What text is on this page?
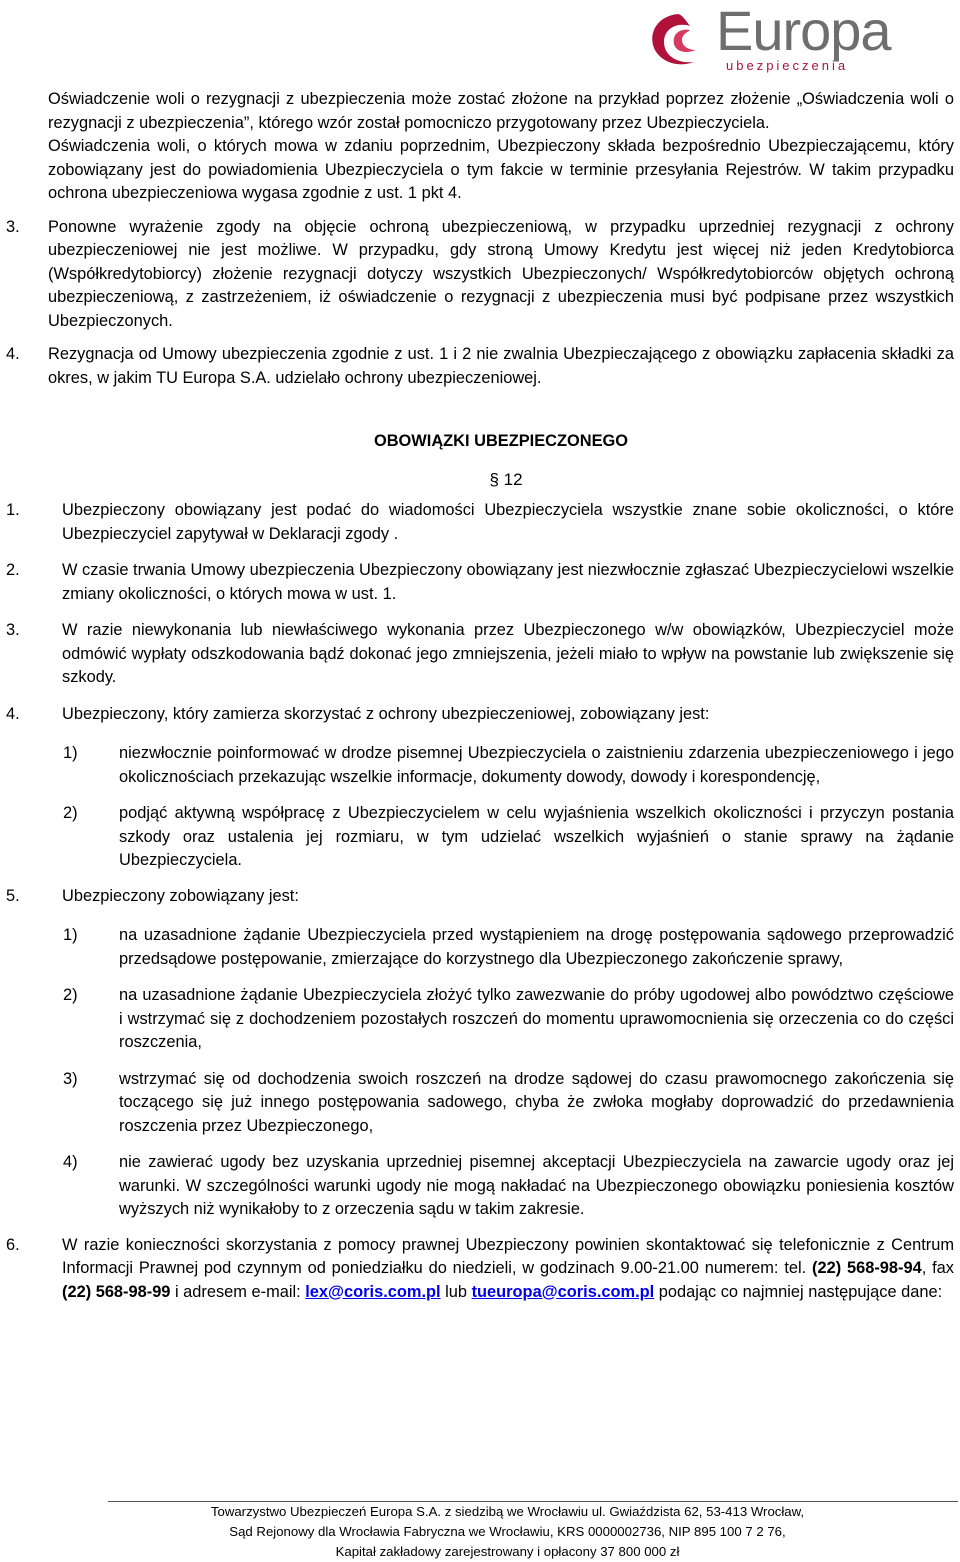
Europa
ubezpieczenia

Oświadczenie woli o rezygnacji z ubezpieczenia może zostać złożone na przykład poprzez złożenie „Oświadczenia woli o rezygnacji z ubezpieczenia”, którego wzór został pomocniczo przygotowany przez Ubezpieczyciela.

Oświadczenia woli, o których mowa w zdaniu poprzednim, Ubezpieczony składa bezpośrednio Ubezpieczającemu, który zobowiązany jest do powiadomienia Ubezpieczyciela o tym fakcie w terminie przesyłania Rejestrów. W takim przypadku ochrona ubezpieczeniowa wygasa zgodnie z ust. 1 pkt 4.

3. Ponowne wyrażenie zgody na objęcie ochroną ubezpieczeniową, w przypadku uprzedniej rezygnacji z ochrony ubezpieczeniowej nie jest możliwe. W przypadku, gdy stroną Umowy Kredytu jest więcej niż jeden Kredytobiorca (Współkredytobiorcy) złożenie rezygnacji dotyczy wszystkich Ubezpieczonych/ Współkredytobiorców objętych ochroną ubezpieczeniową, z zastrzeżeniem, iż oświadczenie o rezygnacji z ubezpieczenia musi być podpisane przez wszystkich Ubezpieczonych.
4. Rezygnacja od Umowy ubezpieczenia zgodnie z ust. 1 i 2 nie zwalnia Ubezpieczającego z obowiązku zapłacenia składki za okres, w jakim TU Europa S.A. udzielało ochrony ubezpieczeniowej.

OBOWIĄZKI UBEZPIECZONEGO

§ 12

1.	Ubezpieczony obowiązany jest podać do wiadomości Ubezpieczyciela wszystkie znane sobie okoliczności, o które Ubezpieczyciel zapytywał w Deklaracji zgody .
2.	W czasie trwania Umowy ubezpieczenia Ubezpieczony obowiązany jest niezwłocznie zgłaszać Ubezpieczycielowi wszelkie zmiany okoliczności, o których mowa w ust. 1.
3.	W razie niewykonania lub niewłaściwego wykonania przez Ubezpieczonego w/w obowiązków, Ubezpieczyciel może odmówić wypłaty odszkodowania bądź dokonać jego zmniejszenia, jeżeli miało to wpływ na powstanie lub zwiększenie się szkody.
4.	Ubezpieczony, który zamierza skorzystać z ochrony ubezpieczeniowej, zobowiązany jest:
1)	niezwłocznie poinformować w drodze pisemnej Ubezpieczyciela o zaistnieniu zdarzenia ubezpieczeniowego i jego okolicznościach przekazując wszelkie informacje, dokumenty dowody, dowody i korespondencję,
2)	podjąć aktywną współpracę z Ubezpieczycielem w celu wyjaśnienia wszelkich okoliczności i przyczyn postania szkody oraz ustalenia jej rozmiaru, w tym udzielać wszelkich wyjaśnień o stanie sprawy na żądanie Ubezpieczyciela.
5.	Ubezpieczony zobowiązany jest:
1)	na uzasadnione żądanie Ubezpieczyciela przed wystąpieniem na drogę postępowania sądowego przeprowadzić przedsądowe postępowanie, zmierzające do korzystnego dla Ubezpieczonego zakończenie sprawy,
2)	na uzasadnione żądanie Ubezpieczyciela złożyć tylko zawezwanie do próby ugodowej albo powództwo częściowe i wstrzymać się z dochodzeniem pozostałych roszczeń do momentu uprawomocnienia się orzeczenia co do części roszczenia,
3)	wstrzymać się od dochodzenia swoich roszczeń na drodze sądowej do czasu prawomocnego zakończenia się toczącego się już innego postępowania sadowego, chyba że zwłoka mogłaby doprowadzić do przedawnienia roszczenia przez Ubezpieczonego,
4)	nie zawierać ugody bez uzyskania uprzedniej pisemnej akceptacji Ubezpieczyciela na zawarcie ugody oraz jej warunki. W szczególności warunki ugody nie mogą nakładać na Ubezpieczonego obowiązku poniesienia kosztów wyższych niż wynikałoby to z orzeczenia sądu w takim zakresie.
6.	W razie konieczności skorzystania z pomocy prawnej Ubezpieczony powinien skontaktować się telefonicznie z Centrum Informacji Prawnej pod czynnym od poniedziałku do niedzieli, w godzinach 9.00-21.00 numerem: tel. (22) 568-98-94, fax (22) 568-98-99 i adresem e-mail: lex@coris.com.pl lub tueuropa@coris.com.pl podając co najmniej następujące dane:
Towarzystwo Ubezpieczeń Europa S.A. z siedzibą we Wrocławiu ul. Gwiaździsta 62, 53-413 Wrocław,
Sąd Rejonowy dla Wrocławia Fabryczna we Wrocławiu, KRS 0000002736, NIP 895 100 7 2 76,
Kapitał zakładowy zarejestrowany i opłacony 37 800 000 zł
